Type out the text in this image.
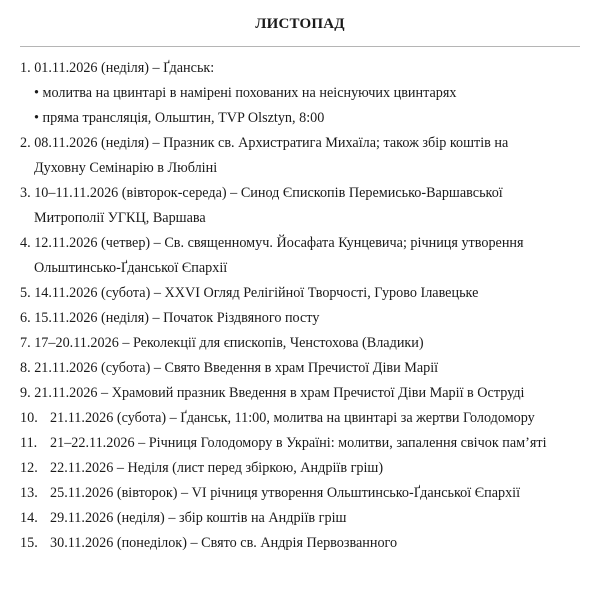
ЛИСТОПАД
1. 01.11.2026 (неділя) – Ґданськ:
• молитва на цвинтарі в намірені похованих на неіснуючих цвинтарях
• пряма трансляція, Ольштин, TVP Olsztyn, 8:00
2. 08.11.2026 (неділя) – Празник св. Архистратига Михаїла; також збір коштів на
Духовну Семінарію в Любліні
3. 10–11.11.2026 (вівторок-середа) – Синод Єпископів Перемисько-Варшавської
Митрополії УГКЦ, Варшава
4. 12.11.2026 (четвер) – Св. священномуч. Йосафата Кунцевича; річниця утворення
Ольштинсько-Ґданської Єпархії
5. 14.11.2026 (субота) – XXVI Огляд Релігійної Творчості, Гурово Ілавецьке
6. 15.11.2026 (неділя) – Початок Різдвяного посту
7. 17–20.11.2026 – Реколекції для єпископів, Ченстохова (Владики)
8. 21.11.2026 (субота) – Свято Введення в храм Пречистої Діви Марії
9. 21.11.2026 – Храмовий празник Введення в храм Пречистої Діви Марії в Оструді
10. 21.11.2026 (субота) – Ґданськ, 11:00, молитва на цвинтарі за жертви Голодомору
11. 21–22.11.2026 – Річниця Голодомору в Україні: молитви, запалення свічок пам’яті
12. 22.11.2026 – Неділя (лист перед збіркою, Андріїв гріш)
13. 25.11.2026 (вівторок) – VI річниця утворення Ольштинсько-Ґданської Єпархії
14. 29.11.2026 (неділя) – збір коштів на Андріїв гріш
15. 30.11.2026 (понеділок) – Свято св. Андрія Первозванного
